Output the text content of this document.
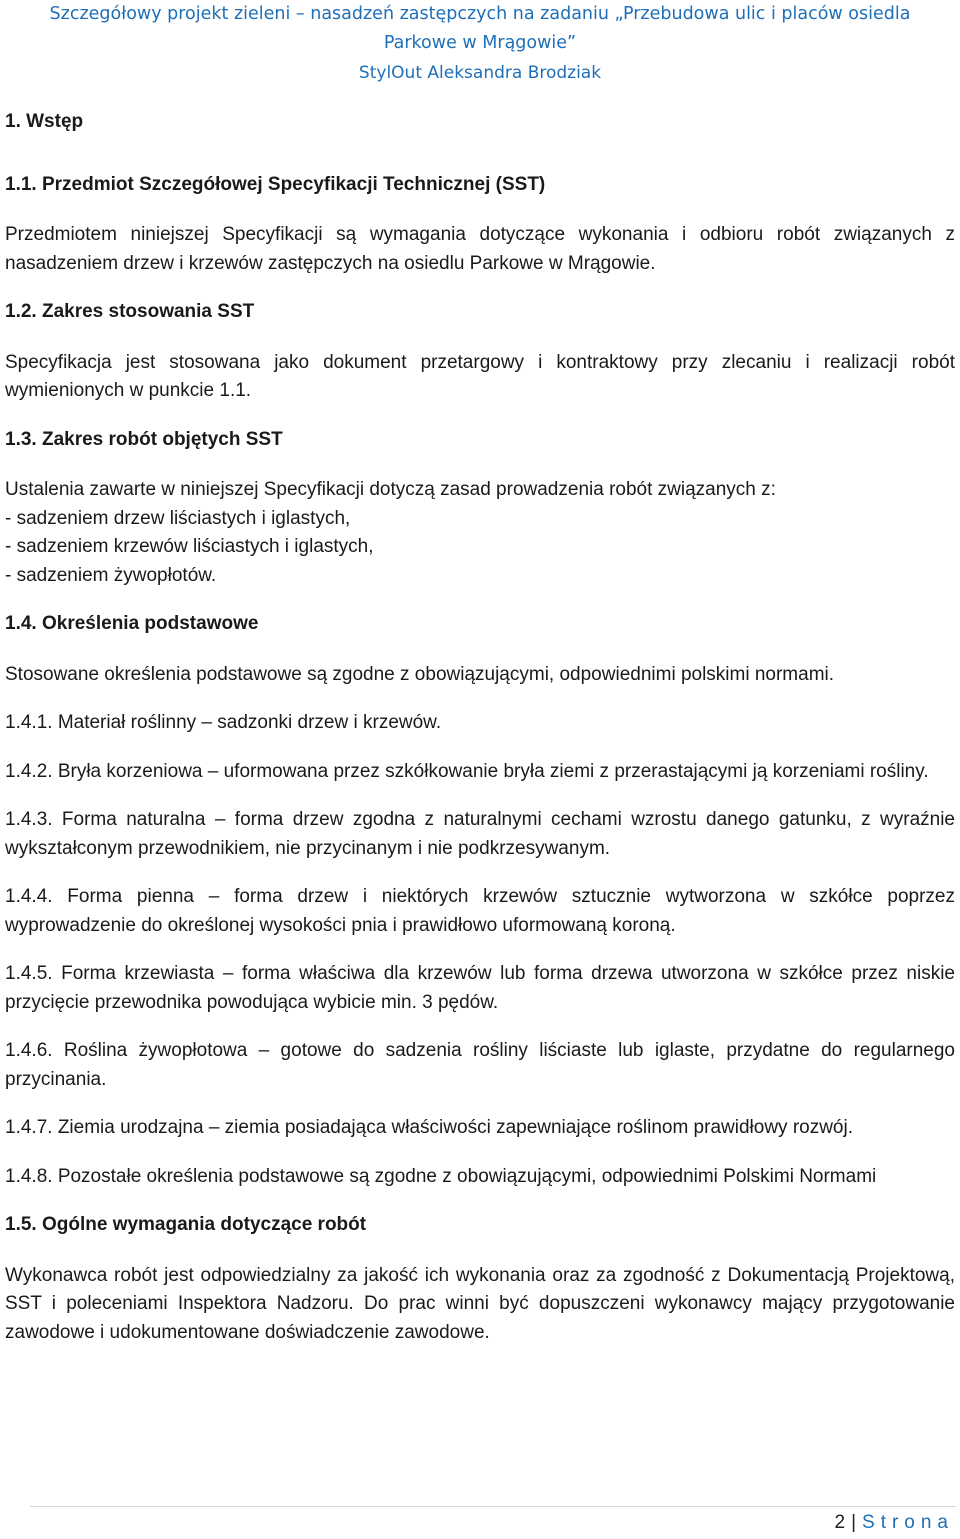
Szczegółowy projekt zieleni – nasadzeń zastępczych na zadaniu „Przebudowa ulic i placów osiedla
Parkowe w Mrągowie”
StylOut Aleksandra Brodziak

1. Wstęp

1.1. Przedmiot Szczegółowej Specyfikacji Technicznej (SST)

Przedmiotem niniejszej Specyfikacji są wymagania dotyczące wykonania i odbioru robót związanych z nasadzeniem drzew i krzewów zastępczych na osiedlu Parkowe w Mrągowie.

1.2. Zakres stosowania SST

Specyfikacja jest stosowana jako dokument przetargowy i kontraktowy przy zlecaniu i realizacji robót wymienionych w punkcie 1.1.

1.3. Zakres robót objętych SST

Ustalenia zawarte w niniejszej Specyfikacji dotyczą zasad prowadzenia robót związanych z:

- sadzeniem drzew liściastych i iglastych,
- sadzeniem krzewów liściastych i iglastych,

- sadzeniem żywopłotów.

1.4. Określenia podstawowe

Stosowane określenia podstawowe są zgodne z obowiązującymi, odpowiednimi polskimi normami.

1.4.1. Materiał roślinny – sadzonki drzew i krzewów.

1.4.2. Bryła korzeniowa – uformowana przez szkółkowanie bryła ziemi z przerastającymi ją korzeniami rośliny.

1.4.3. Forma naturalna – forma drzew zgodna z naturalnymi cechami wzrostu danego gatunku, z wyraźnie wykształconym przewodnikiem, nie przycinanym i nie podkrzesywanym.

1.4.4. Forma pienna – forma drzew i niektórych krzewów sztucznie wytworzona w szkółce poprzez wyprowadzenie do określonej wysokości pnia i prawidłowo uformowaną koroną.

1.4.5. Forma krzewiasta – forma właściwa dla krzewów lub forma drzewa utworzona w szkółce przez niskie przycięcie przewodnika powodująca wybicie min. 3 pędów.

1.4.6. Roślina żywopłotowa – gotowe do sadzenia rośliny liściaste lub iglaste, przydatne do regularnego przycinania.

1.4.7. Ziemia urodzajna – ziemia posiadająca właściwości zapewniające roślinom prawidłowy rozwój.

1.4.8. Pozostałe określenia podstawowe są zgodne z obowiązującymi, odpowiednimi Polskimi Normami

1.5. Ogólne wymagania dotyczące robót

Wykonawca robót jest odpowiedzialny za jakość ich wykonania oraz za zgodność z Dokumentacją Projektową, SST i poleceniami Inspektora Nadzoru. Do prac winni być dopuszczeni wykonawcy mający przygotowanie zawodowe i udokumentowane doświadczenie zawodowe.

2 | Strona
